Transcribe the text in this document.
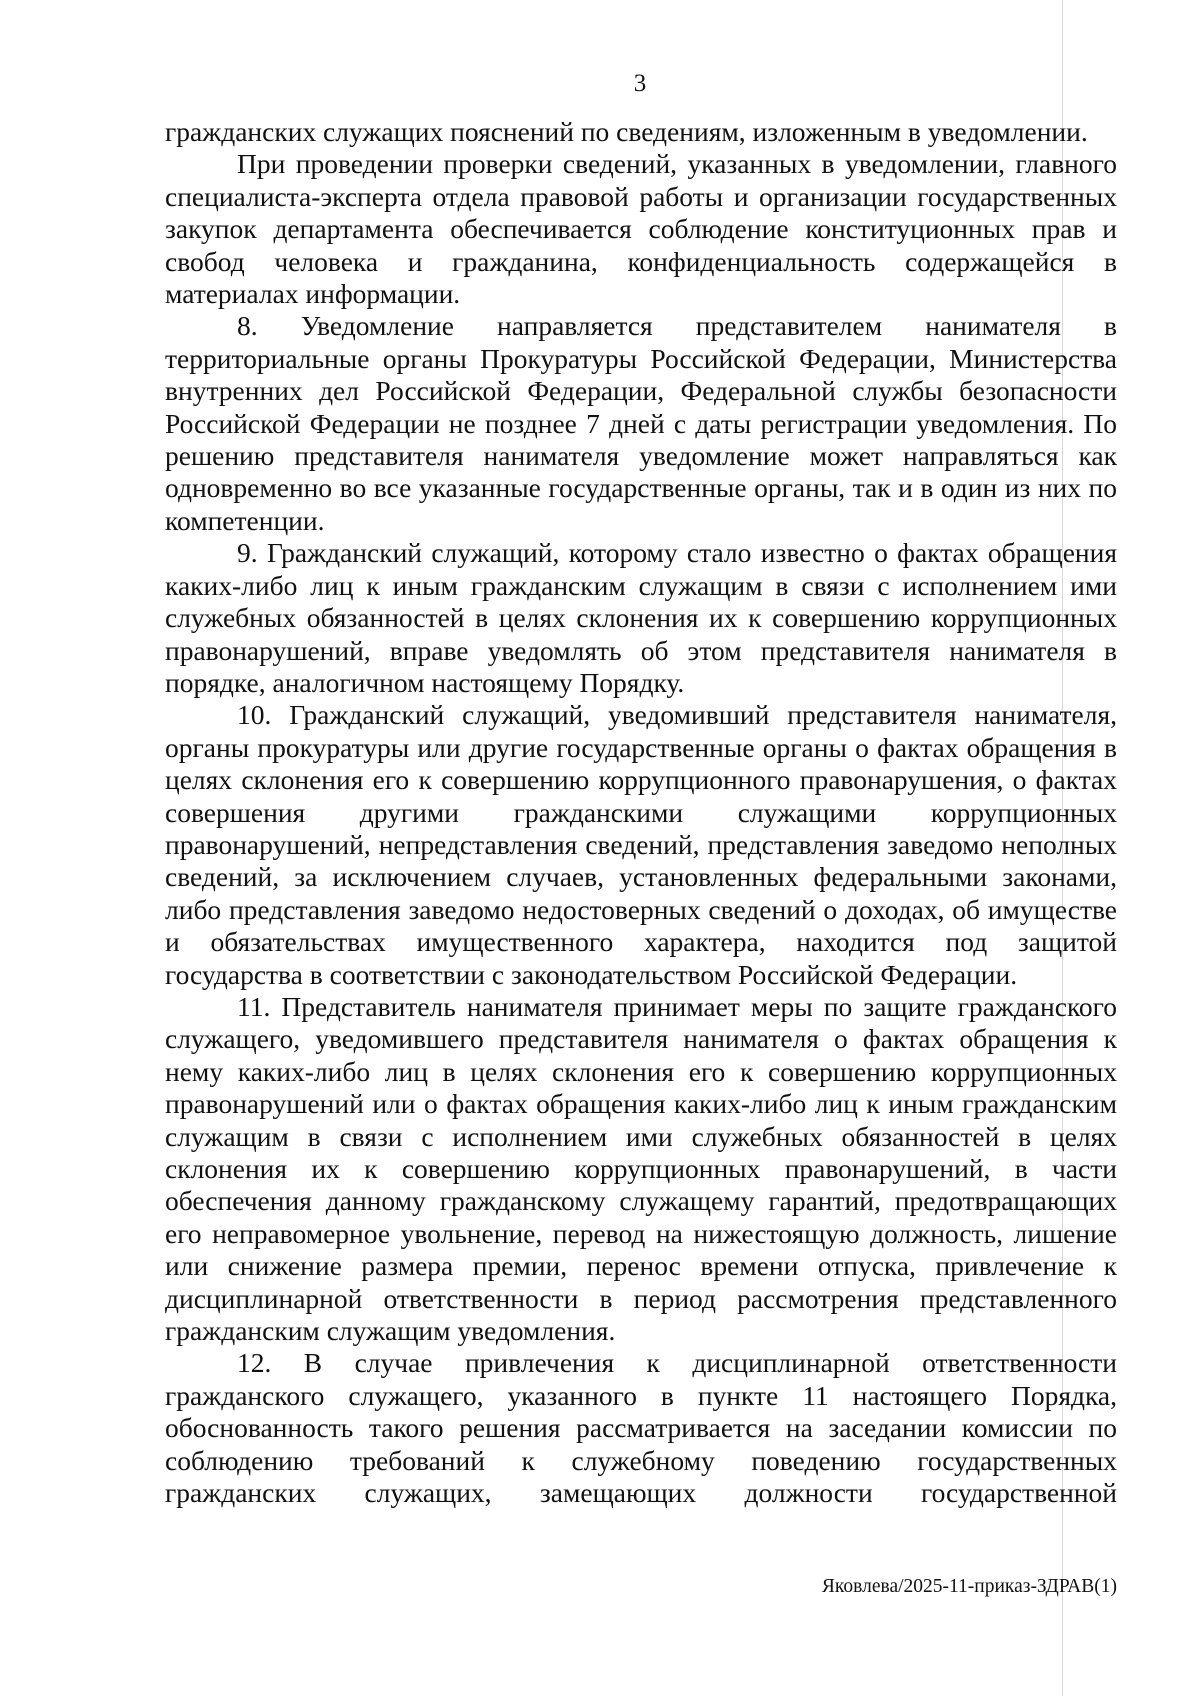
3

гражданских служащих пояснений по сведениям, изложенным в уведомлении.

При проведении проверки сведений, указанных в уведомлении, главного специалиста-эксперта отдела правовой работы и организации государственных закупок департамента обеспечивается соблюдение конституционных прав и свобод человека и гражданина, конфиденциальность содержащейся в материалах информации.

8. Уведомление направляется представителем нанимателя в территориальные органы Прокуратуры Российской Федерации, Министерства внутренних дел Российской Федерации, Федеральной службы безопасности Российской Федерации не позднее 7 дней с даты регистрации уведомления. По решению представителя нанимателя уведомление может направляться как одновременно во все указанные государственные органы, так и в один из них по компетенции.

9. Гражданский служащий, которому стало известно о фактах обращения каких-либо лиц к иным гражданским служащим в связи с исполнением ими служебных обязанностей в целях склонения их к совершению коррупционных правонарушений, вправе уведомлять об этом представителя нанимателя в порядке, аналогичном настоящему Порядку.

10. Гражданский служащий, уведомивший представителя нанимателя, органы прокуратуры или другие государственные органы о фактах обращения в целях склонения его к совершению коррупционного правонарушения, о фактах совершения другими гражданскими служащими коррупционных правонарушений, непредставления сведений, представления заведомо неполных сведений, за исключением случаев, установленных федеральными законами, либо представления заведомо недостоверных сведений о доходах, об имуществе и обязательствах имущественного характера, находится под защитой государства в соответствии с законодательством Российской Федерации.

11. Представитель нанимателя принимает меры по защите гражданского служащего, уведомившего представителя нанимателя о фактах обращения к нему каких-либо лиц в целях склонения его к совершению коррупционных правонарушений или о фактах обращения каких-либо лиц к иным гражданским служащим в связи с исполнением ими служебных обязанностей в целях склонения их к совершению коррупционных правонарушений, в части обеспечения данному гражданскому служащему гарантий, предотвращающих его неправомерное увольнение, перевод на нижестоящую должность, лишение или снижение размера премии, перенос времени отпуска, привлечение к дисциплинарной ответственности в период рассмотрения представленного гражданским служащим уведомления.

12. В случае привлечения к дисциплинарной ответственности гражданского служащего, указанного в пункте 11 настоящего Порядка, обоснованность такого решения рассматривается на заседании комиссии по соблюдению требований к служебному поведению государственных гражданских служащих, замещающих должности государственной

Яковлева/2025-11-приказ-ЗДРАВ(1)
